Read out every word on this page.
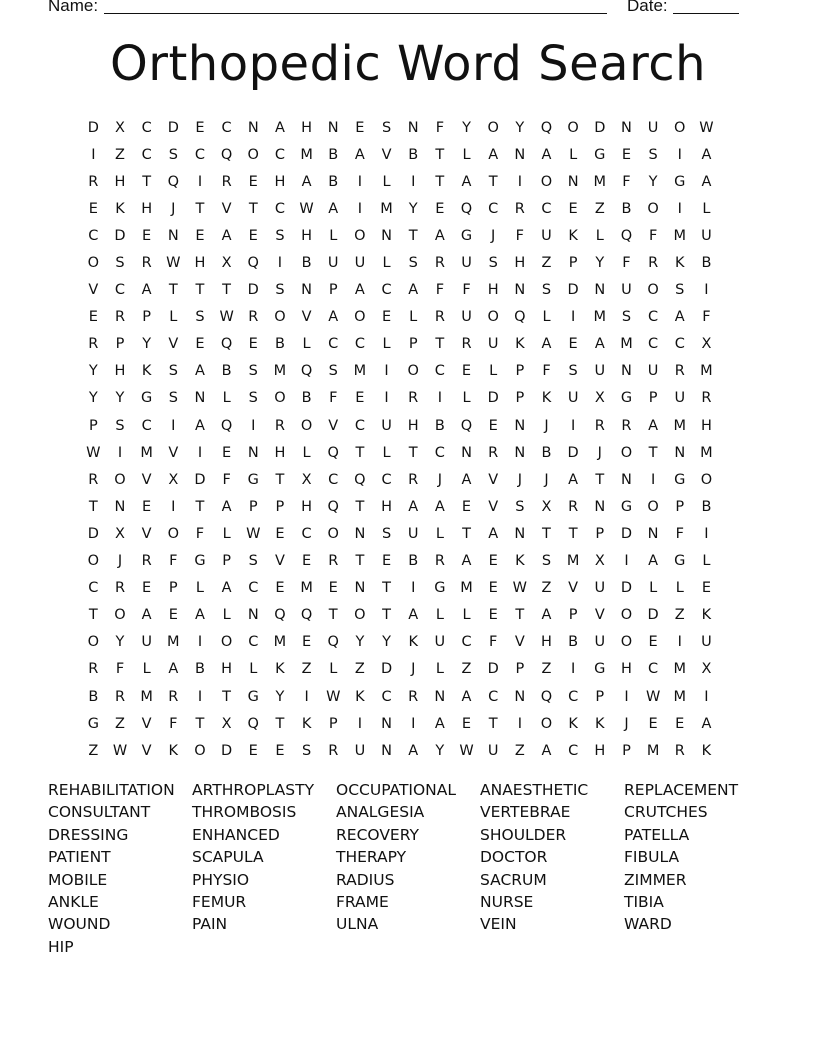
Name:	Date:
Orthopedic Word Search
D	X	C	D	E	C	N	A	H	N	E	S	N	F	Y	O	Y	Q	O	D	N	U	O W
I	Z	C	S	C	Q	O	C	M	B	A	V	B	T	L	A	N	A	L	G	E	S	I	A
R	H	T	Q	I	R	E	H	A	B	I	L	I	T	A	T	I	O	N	M	F	Y	G	A
E	K	H	J	T	V	T	C W	A	I	M	Y	E	Q	C	R	C	E	Z	B	O	I	L
C	D	E	N	E	A	E	S	H	L	O	N	T	A	G	J	F	U	K	L	Q	F	M	U
O	S	R W H	X	Q	I	B	U	U	L	S	R	U	S	H	Z	P	Y	F	R	K	B
V	C	A	T	T	T	D	S	N	P	A	C	A	F	F	H	N	S	D	N	U	O	S	I
E	R	P	L	S	W R	O	V	A	O	E	L	R	U	O	Q	L	I	M	S	C	A	F
R	P	Y	V	E	Q	E	B	L	C	C	L	P	T	R	U	K	A	E	A	M	C	C	X
Y	H	K	S	A	B	S	M	Q	S	M	I	O	C	E	L	P	F	S	U	N	U	R	M
Y	Y	G	S	N	L	S	O	B	F	E	I	R	I	L	D	P	K	U	X	G	P	U	R
P	S	C	I	A	Q	I	R	O	V	C	U	H	B	Q	E	N	J	I	R	R	A	M	H
W	I	M	V	I	E	N	H	L	Q	T	L	T	C	N	R	N	B	D	J	O	T	N	M
R	O	V	X	D	F	G	T	X	C	Q	C	R	J	A	V	J	J	A	T	N	I	G	O
T	N	E	I	T	A	P	P	H	Q	T	H	A	A	E	V	S	X	R	N	G	O	P	B
D	X	V	O	F	L	W	E	C	O	N	S	U	L	T	A	N	T	T	P	D	N	F	I
O	J	R	F	G	P	S	V	E	R	T	E	B	R	A	E	K	S	M	X	I	A	G	L
C	R	E	P	L	A	C	E	M	E	N	T	I	G	M	E	W	Z	V	U	D	L	L	E
T	O	A	E	A	L	N	Q	Q	T	O	T	A	L	L	E	T	A	P	V	O	D	Z	K
O	Y	U	M	I	O	C	M	E	Q	Y	Y	K	U	C	F	V	H	B	U	O	E	I	U
R	F	L	A	B	H	L	K	Z	L	Z	D	J	L	Z	D	P	Z	I	G	H	C	M	X
B	R	M	R	I	T	G	Y	I	W	K	C	R	N	A	C	N	Q	C	P	I	W M	I
G	Z	V	F	T	X	Q	T	K	P	I	N	I	A	E	T	I	O	K	K	J	E	E	A
Z	W	V	K	O	D	E	E	S	R	U	N	A	Y	W U	Z	A	C	H	P	M	R	K
REHABILITATION
CONSULTANT
DRESSING
PATIENT
MOBILE
ANKLE
WOUND
HIP
ARTHROPLASTY
THROMBOSIS
ENHANCED
SCAPULA
PHYSIO
FEMUR
PAIN
OCCUPATIONAL
ANALGESIA
RECOVERY
THERAPY
RADIUS
FRAME
ULNA
ANAESTHETIC
VERTEBRAE
SHOULDER
DOCTOR
SACRUM
NURSE
VEIN
REPLACEMENT
CRUTCHES
PATELLA
FIBULA
ZIMMER
TIBIA
WARD
